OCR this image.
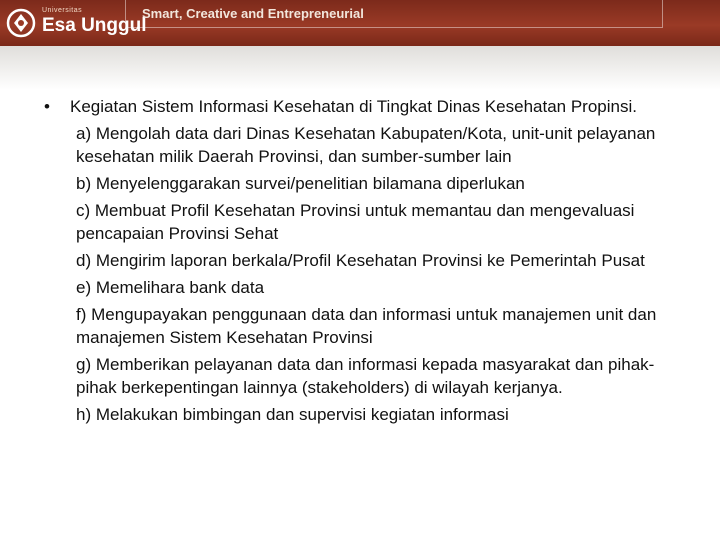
Universitas
Esa Unggul
Smart, Creative and Entrepreneurial
• Kegiatan Sistem Informasi Kesehatan di Tingkat Dinas Kesehatan Propinsi.
a) Mengolah data dari Dinas Kesehatan Kabupaten/Kota, unit-unit pelayanan kesehatan milik Daerah Provinsi, dan sumber-sumber lain
b) Menyelenggarakan survei/penelitian bilamana diperlukan
c) Membuat Profil Kesehatan Provinsi untuk memantau dan mengevaluasi pencapaian Provinsi Sehat
d) Mengirim laporan berkala/Profil Kesehatan Provinsi ke Pemerintah Pusat
e) Memelihara bank data
f) Mengupayakan penggunaan data dan informasi untuk manajemen unit dan manajemen Sistem Kesehatan Provinsi
g) Memberikan pelayanan data dan informasi kepada masyarakat dan pihak-pihak berkepentingan lainnya (stakeholders) di wilayah kerjanya.
h) Melakukan bimbingan dan supervisi kegiatan informasi
